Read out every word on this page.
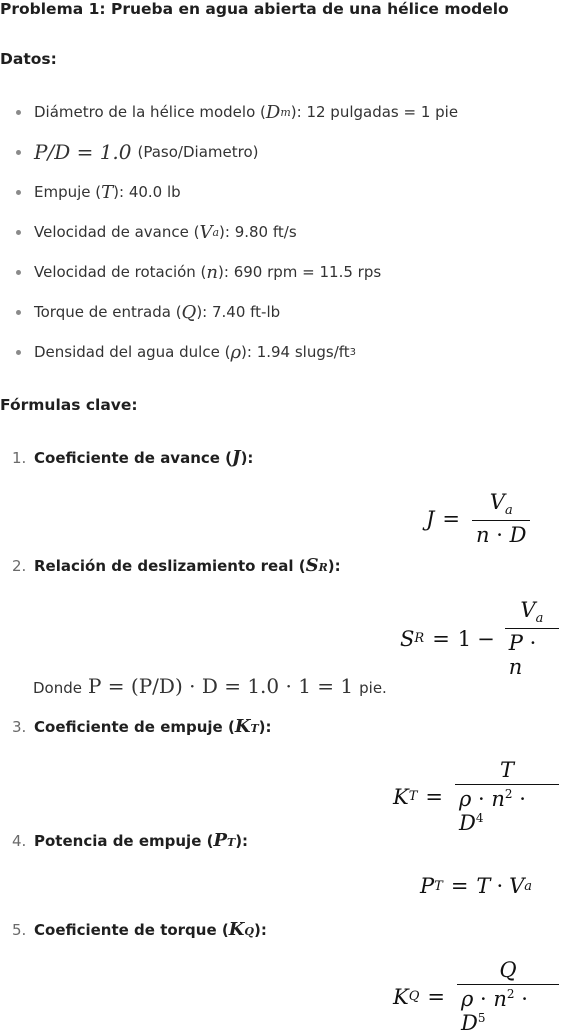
Problema 1: Prueba en agua abierta de una hélice modelo
Datos:
Diámetro de la hélice modelo ( D m ): 12 pulgadas = 1 pie
P/D = 1.0 (Paso/Diametro)
Empuje ( T ): 40.0 lb
Velocidad de avance ( V a ): 9.80 ft/s
Velocidad de rotación ( n ): 690 rpm = 11.5 rps
Torque de entrada ( Q ): 7.40 ft-lb
Densidad del agua dulce ( ρ ): 1.94 slugs/ft 3
Fórmulas clave:
1. Coeficiente de avance ( J ):
$J = \frac{V_a}{n \cdot D}$
2. Relación de deslizamiento real ( S R ):
S $R = 1 - \frac{V_a}{P \cdot n}$
Donde P = (P/D) · D = 1.0 · 1 = 1 pie.
3. Coeficiente de empuje ( K T ):
K $T = \frac{T}{\rho \cdot n^2 \cdot D^4}$
4. Potencia de empuje ( P T ):
P T = T · V a
5. Coeficiente de torque ( K Q ):
K $Q = \frac{Q}{\rho \cdot n^2 \cdot D^5}$
